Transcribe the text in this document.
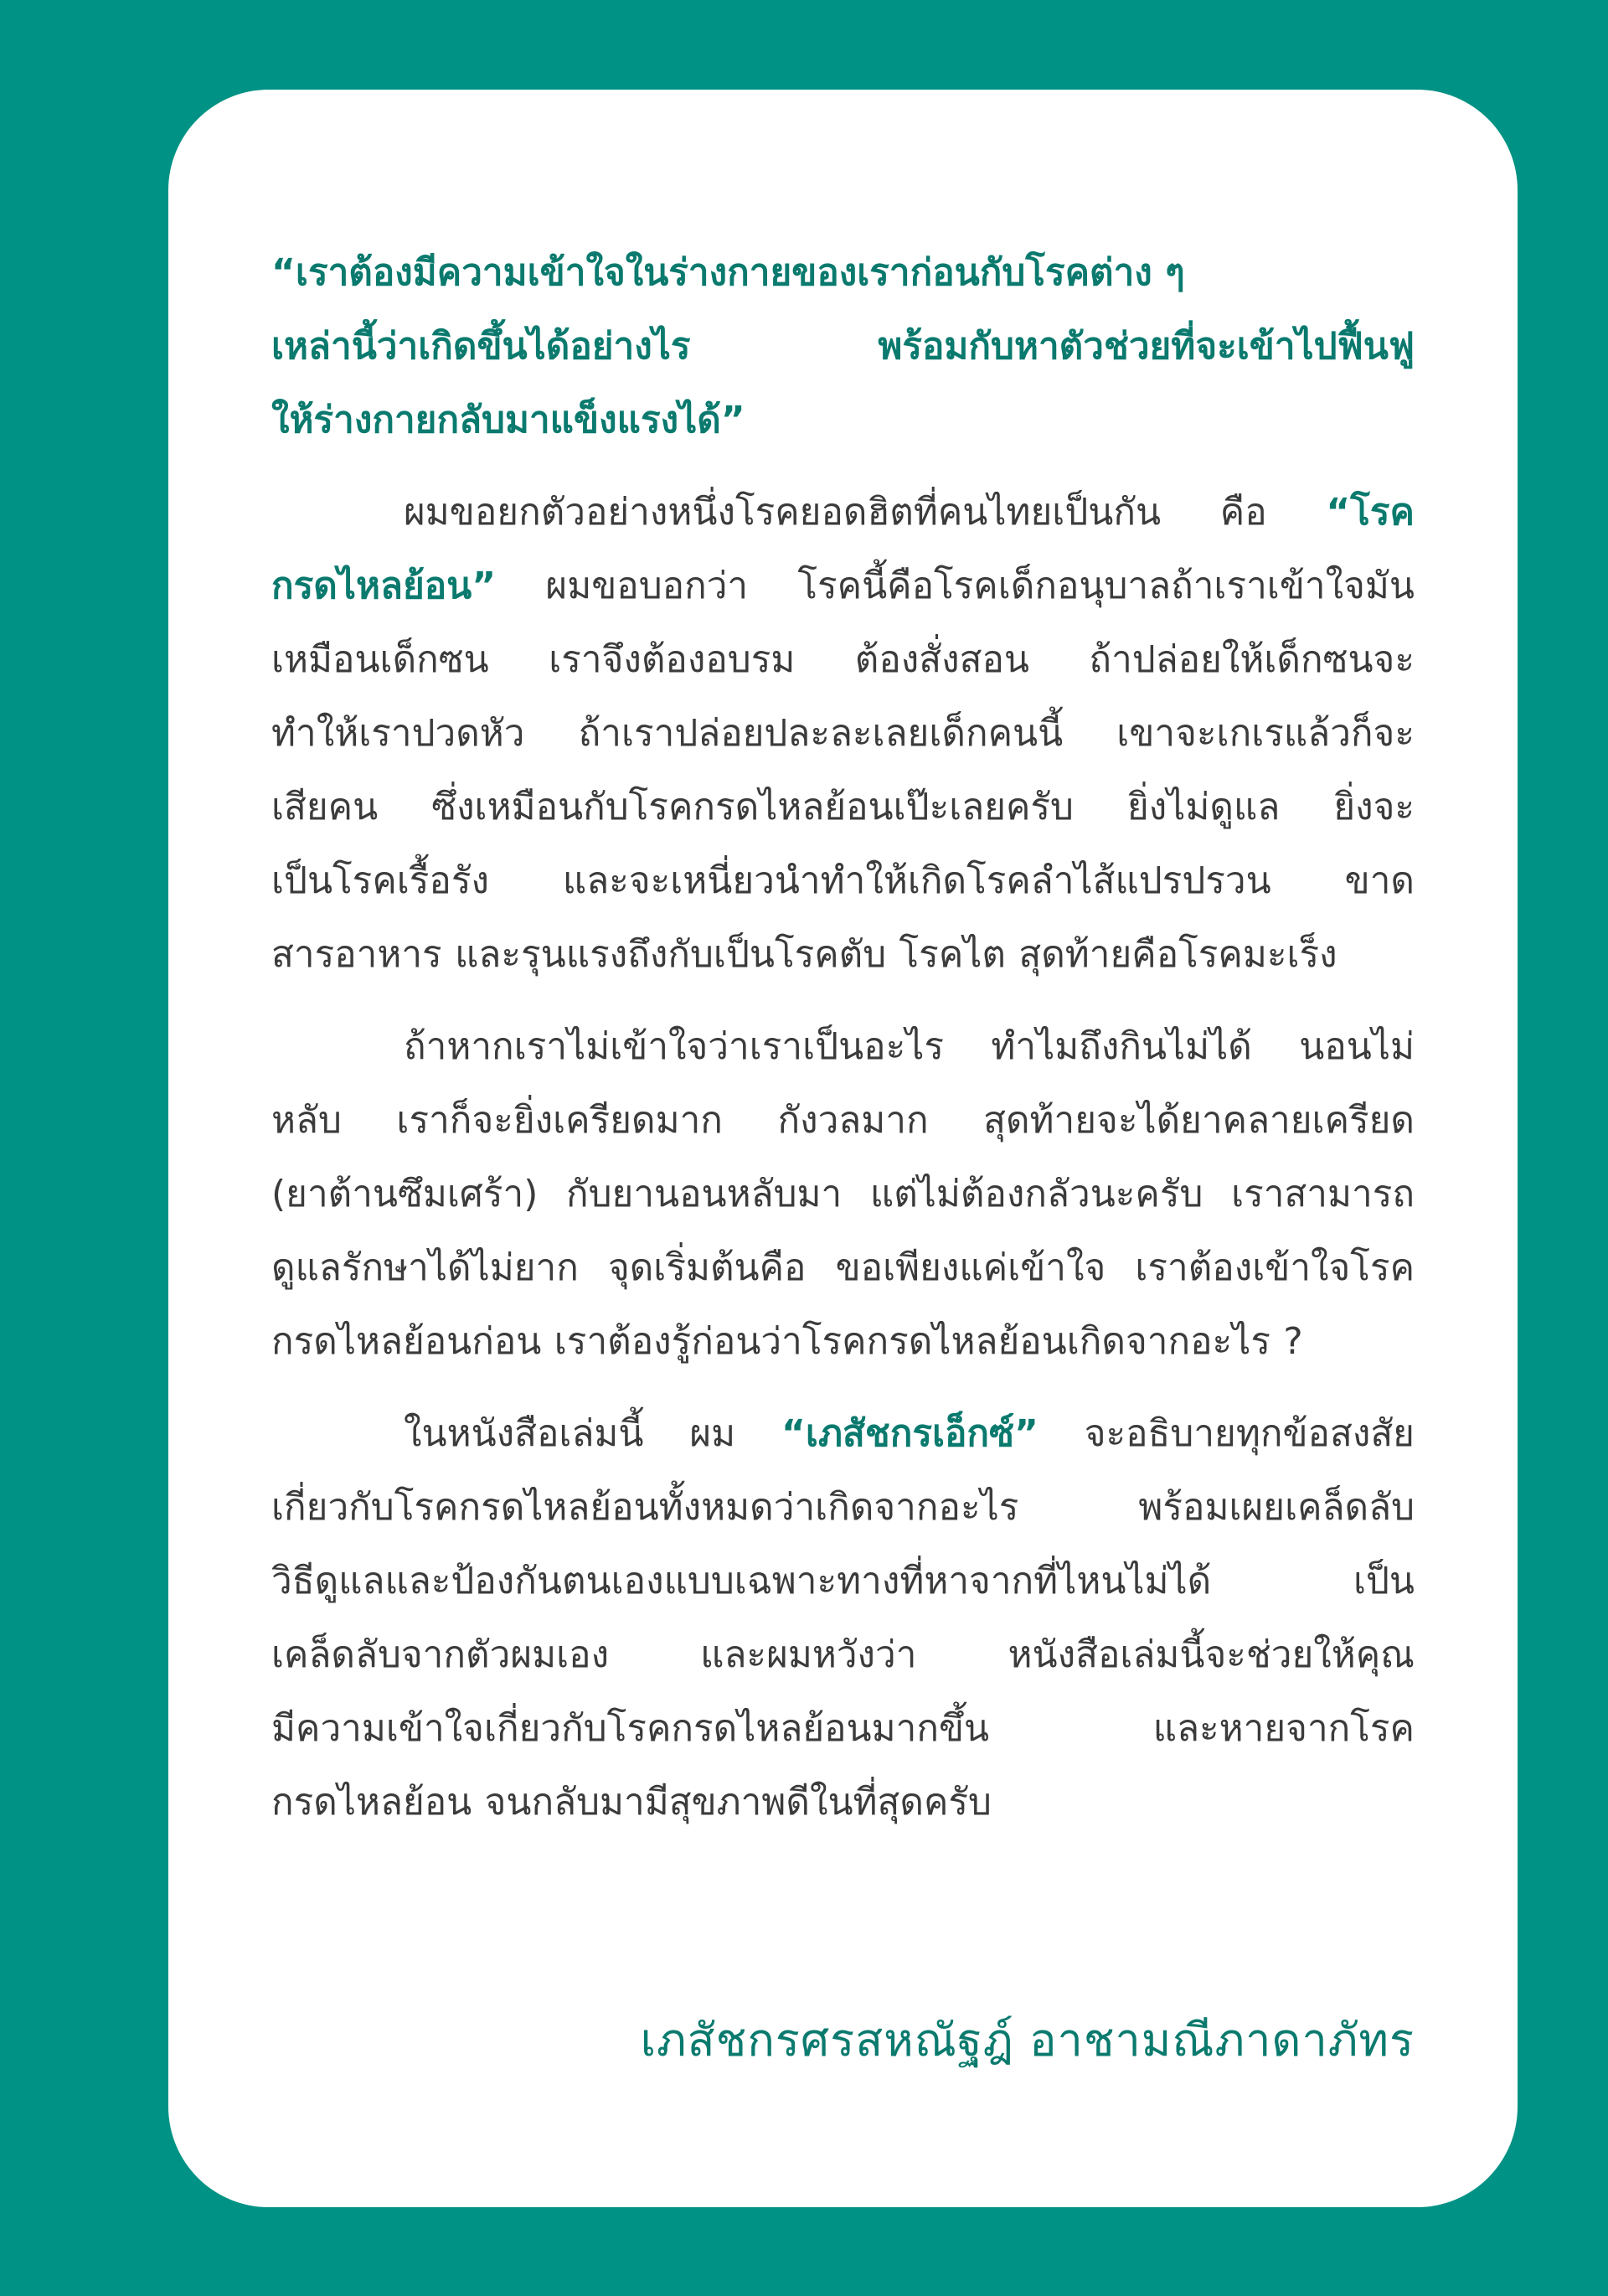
“เราต้องมีความเข้าใจในร่างกายของเราก่อนกับโรคต่าง ๆ
เหล่านี้ว่าเกิดขึ้นได้อย่างไร	พร้อมกับหาตัวช่วยที่จะเข้าไปฟื้นฟู
ให้ร่างกายกลับมาแข็งแรงได้”
ผมขอยกตัวอย่างหนึ่งโรคยอดฮิตที่คนไทยเป็นกัน คือ “โรค
กรดไหลย้อน” ผมขอบอกว่า โรคนี้คือโรคเด็กอนุบาลถ้าเราเข้าใจมัน
เหมือนเด็กซน เราจึงต้องอบรม ต้องสั่งสอน ถ้าปล่อยให้เด็กซนจะ
ทำให้เราปวดหัว ถ้าเราปล่อยปละละเลยเด็กคนนี้ เขาจะเกเรแล้วก็จะ
เสียคน ซึ่งเหมือนกับโรคกรดไหลย้อนเป๊ะเลยครับ ยิ่งไม่ดูแล ยิ่งจะ
เป็นโรคเรื้อรัง และจะเหนี่ยวนำทำให้เกิดโรคลำไส้แปรปรวน ขาด
สารอาหาร และรุนแรงถึงกับเป็นโรคตับ โรคไต สุดท้ายคือโรคมะเร็ง
ถ้าหากเราไม่เข้าใจว่าเราเป็นอะไร ทำไมถึงกินไม่ได้ นอนไม่
หลับ เราก็จะยิ่งเครียดมาก กังวลมาก สุดท้ายจะได้ยาคลายเครียด
(ยาต้านซึมเศร้า) กับยานอนหลับมา แต่ไม่ต้องกลัวนะครับ เราสามารถ
ดูแลรักษาได้ไม่ยาก จุดเริ่มต้นคือ ขอเพียงแค่เข้าใจ เราต้องเข้าใจโรค
กรดไหลย้อนก่อน เราต้องรู้ก่อนว่าโรคกรดไหลย้อนเกิดจากอะไร ?
ในหนังสือเล่มนี้ ผม “เภสัชกรเอ็กซ์” จะอธิบายทุกข้อสงสัย
เกี่ยวกับโรคกรดไหลย้อนทั้งหมดว่าเกิดจากอะไร	พร้อมเผยเคล็ดลับ
วิธีดูแลและป้องกันตนเองแบบเฉพาะทางที่หาจากที่ไหนไม่ได้	เป็น
เคล็ดลับจากตัวผมเอง และผมหวังว่า หนังสือเล่มนี้จะช่วยให้คุณ
มีความเข้าใจเกี่ยวกับโรคกรดไหลย้อนมากขึ้น	และหายจากโรค
กรดไหลย้อน จนกลับมามีสุขภาพดีในที่สุดครับ
เภสัชกรศรสหณัฐฎ์ อาชามณีภาดาภัทร
